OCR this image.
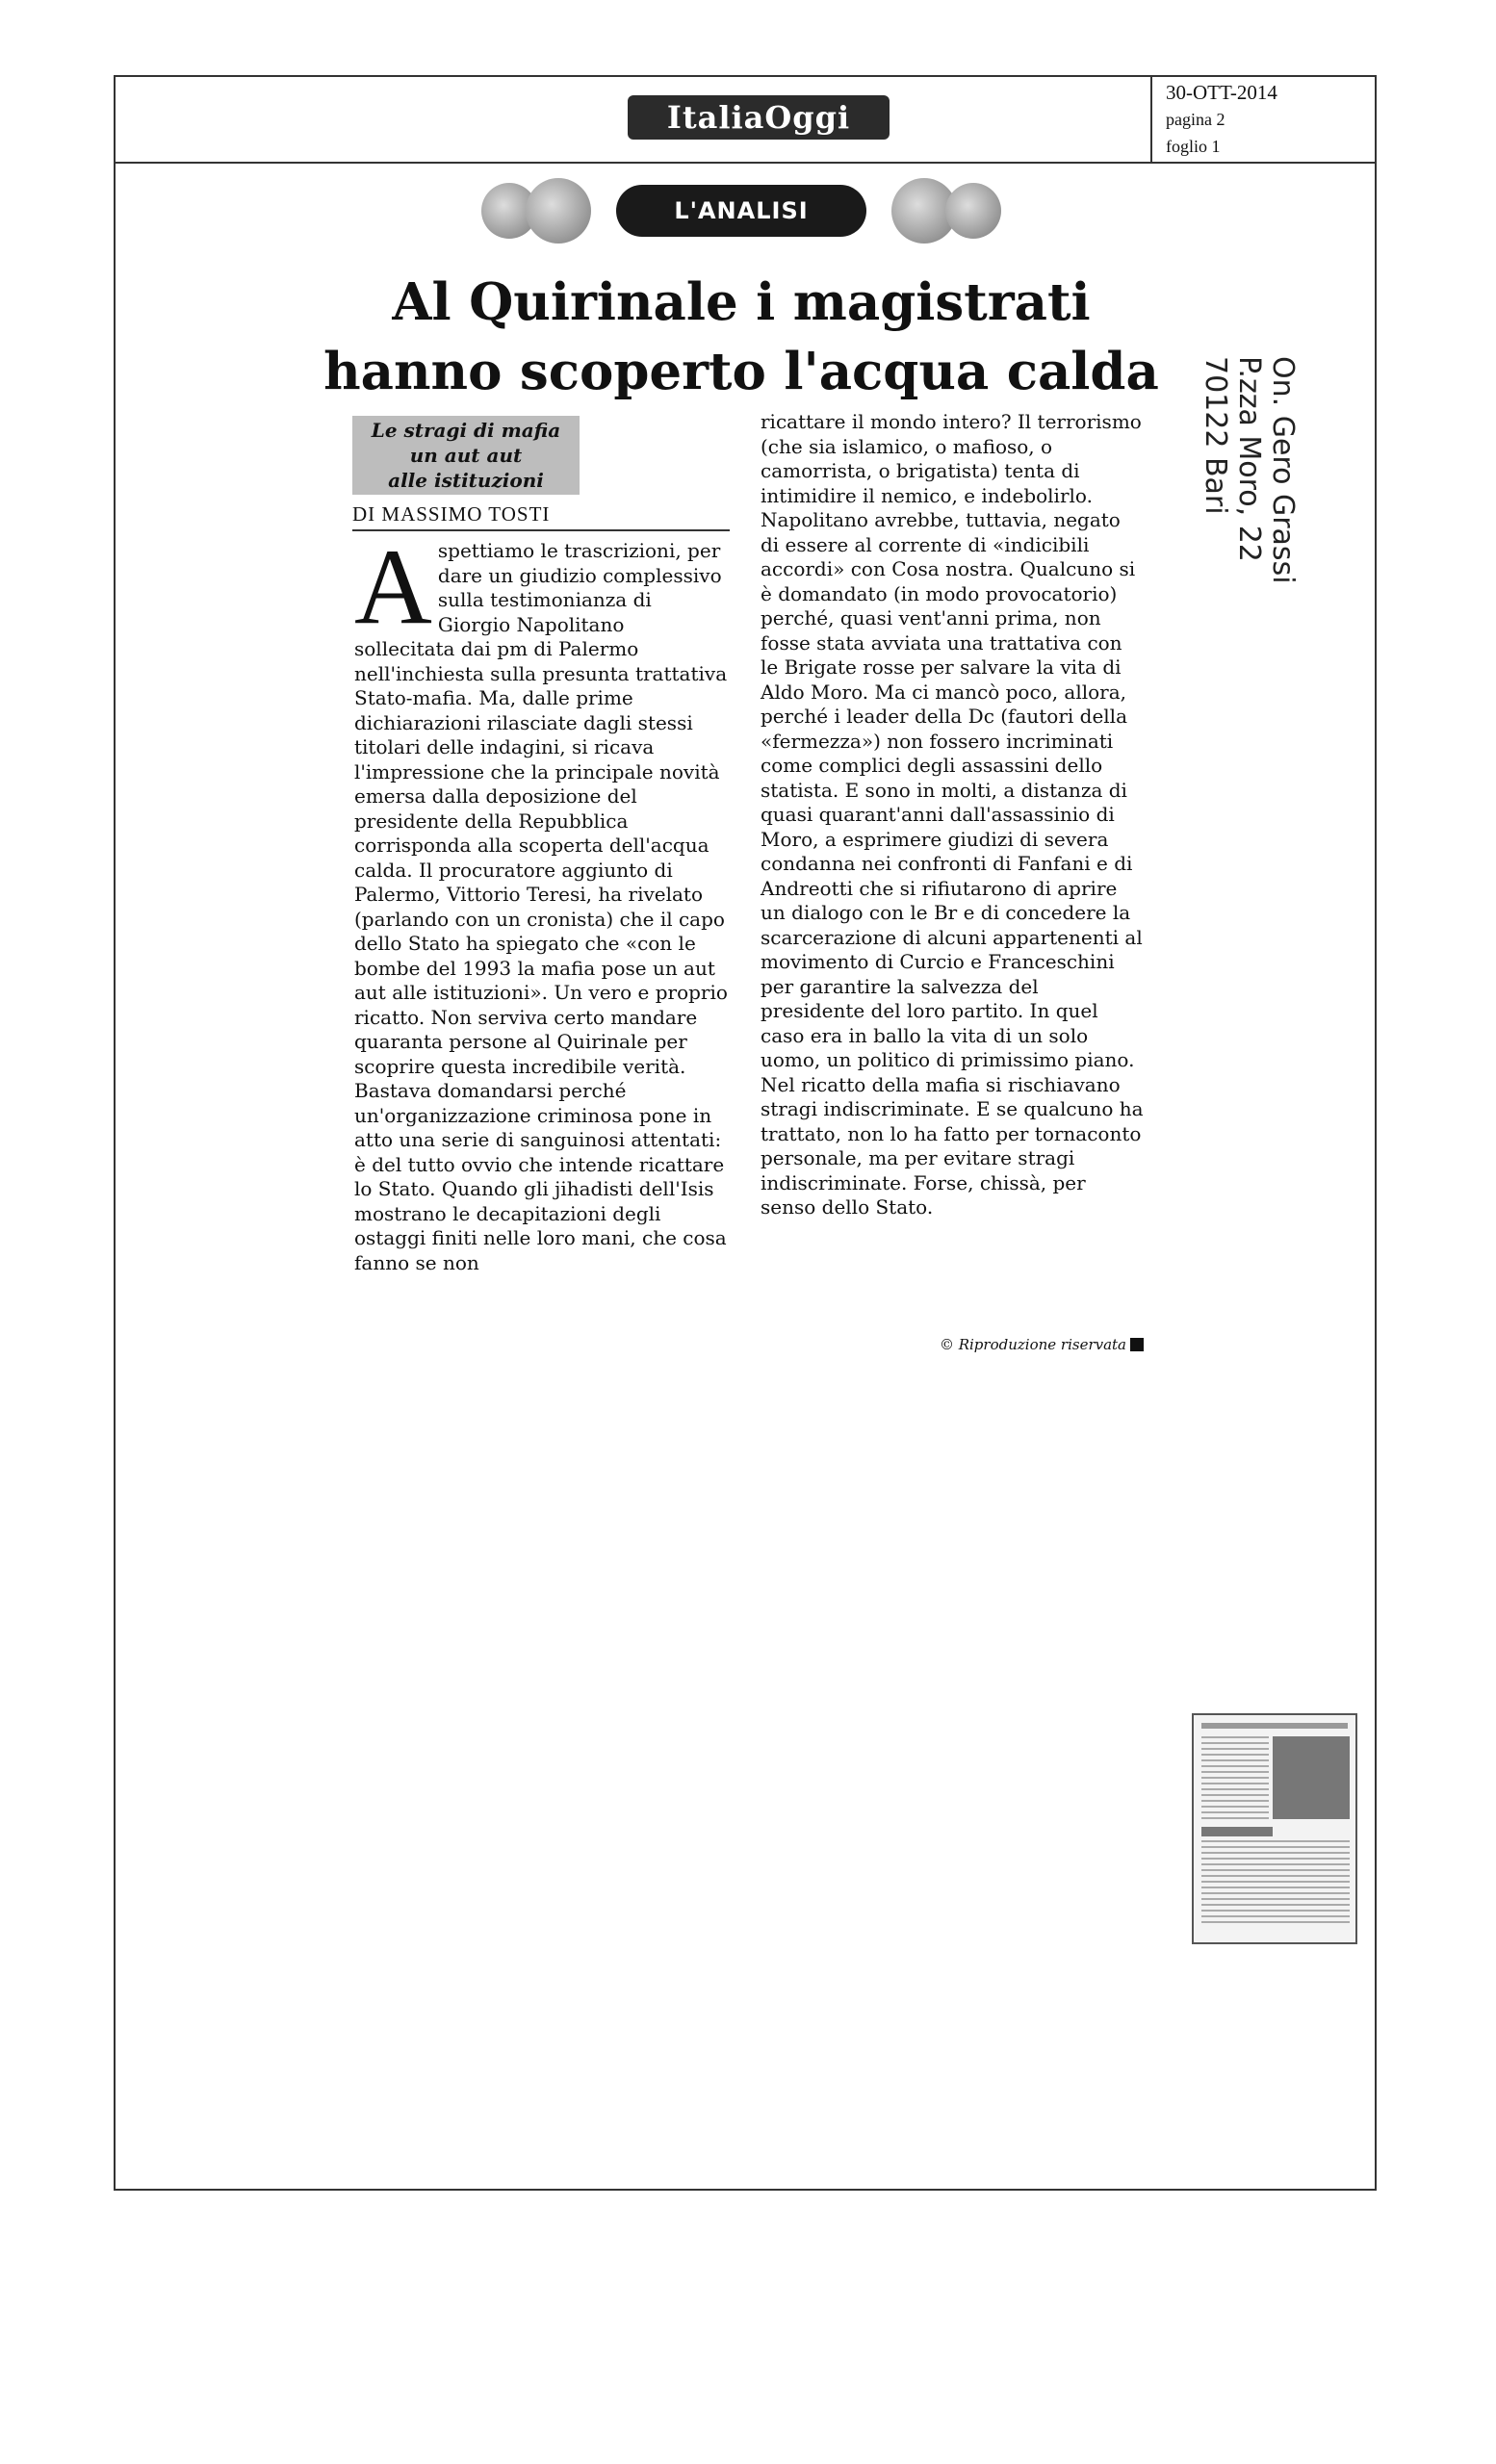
ItaliaOggi
30-OTT-2014
pagina 2
foglio 1
L'ANALISI
Al Quirinale i magistrati
hanno scoperto l'acqua calda
Le stragi di mafia
un aut aut
alle istituzioni
DI MASSIMO TOSTI
A spettiamo le trascrizioni, per dare un giudizio complessivo sulla testimonianza di Giorgio Napolitano sollecitata dai pm di Palermo nell'inchiesta sulla presunta trattativa Stato-mafia. Ma, dalle prime dichiarazioni rilasciate dagli stessi titolari delle indagini, si ricava l'impressione che la principale novità emersa dalla deposizione del presidente della Repubblica corrisponda alla scoperta dell'acqua calda. Il procuratore aggiunto di Palermo, Vittorio Teresi, ha rivelato (parlando con un cronista) che il capo dello Stato ha spiegato che «con le bombe del 1993 la mafia pose un aut aut alle istituzioni». Un vero e proprio ricatto. Non serviva certo mandare quaranta persone al Quirinale per scoprire questa incredibile verità. Bastava domandarsi perché un'organizzazione criminosa pone in atto una serie di sanguinosi attentati: è del tutto ovvio che intende ricattare lo Stato. Quando gli jihadisti dell'Isis mostrano le decapitazioni degli ostaggi finiti nelle loro mani, che cosa fanno se non

ricattare il mondo intero? Il terrorismo (che sia islamico, o mafioso, o camorrista, o brigatista) tenta di intimidire il nemico, e indebolirlo. Napolitano avrebbe, tuttavia, negato di essere al corrente di «indicibili accordi» con Cosa nostra. Qualcuno si è domandato (in modo provocatorio) perché, quasi vent'anni prima, non fosse stata avviata una trattativa con le Brigate rosse per salvare la vita di Aldo Moro. Ma ci mancò poco, allora, perché i leader della Dc (fautori della «fermezza») non fossero incriminati come complici degli assassini dello statista. E sono in molti, a distanza di quasi quarant'anni dall'assassinio di Moro, a esprimere giudizi di severa condanna nei confronti di Fanfani e di Andreotti che si rifiutarono di aprire un dialogo con le Br e di concedere la scarcerazione di alcuni appartenenti al movimento di Curcio e Franceschini per garantire la salvezza del presidente del loro partito. In quel caso era in ballo la vita di un solo uomo, un politico di primissimo piano. Nel ricatto della mafia si rischiavano stragi indiscriminate. E se qualcuno ha trattato, non lo ha fatto per tornaconto personale, ma per evitare stragi indiscriminate. Forse, chissà, per senso dello Stato.

© Riproduzione riservata
On. Gero Grassi
P.zza Moro, 22
70122 Bari
